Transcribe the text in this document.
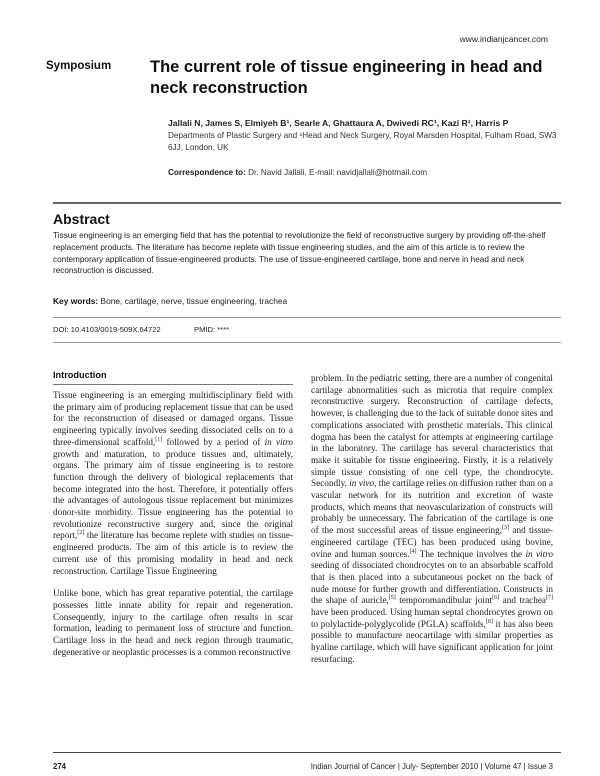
www.indianjcancer.com
Symposium The current role of tissue engineering in head and neck reconstruction
Jallali N, James S, Elmiyeh B¹, Searle A, Ghattaura A, Dwivedi RC¹, Kazi R¹, Harris P
Departments of Plastic Surgery and ¹Head and Neck Surgery, Royal Marsden Hospital, Fulham Road, SW3 6JJ, London, UK
Correspondence to: Dr. Navid Jallali, E-mail: navidjallali@hotmail.com
Abstract

Tissue engineering is an emerging field that has the potential to revolutionize the field of reconstructive surgery by providing off-the-shelf replacement products. The literature has become replete with tissue engineering studies, and the aim of this article is to review the contemporary application of tissue-engineered products. The use of tissue-engineered cartilage, bone and nerve in head and neck reconstruction is discussed.

Key words: Bone, cartilage, nerve, tissue engineering, trachea
DOI: 10.4103/0019-509X.64722	PMID: ****
Introduction

Tissue engineering is an emerging multidisciplinary field with the primary aim of producing replacement tissue that can be used for the reconstruction of diseased or damaged organs. Tissue engineering typically involves seeding dissociated cells on to a three-dimensional scaffold,[1] followed by a period of in vitro growth and maturation, to produce tissues and, ultimately, organs. The primary aim of tissue engineering is to restore function through the delivery of biological replacements that become integrated into the host. Therefore, it potentially offers the advantages of autologous tissue replacement but minimizes donor-site morbidity. Tissue engineering has the potential to revolutionize reconstructive surgery and, since the original report,[2] the literature has become replete with studies on tissue-engineered products. The aim of this article is to review the current use of this promising modality in head and neck reconstruction. Cartilage Tissue Engineering

Unlike bone, which has great reparative potential, the cartilage possesses little innate ability for repair and regeneration. Consequently, injury to the cartilage often results in scar formation, leading to permanent loss of structure and function. Cartilage loss in the head and neck region through traumatic, degenerative or neoplastic processes is a common reconstructive

problem. In the pediatric setting, there are a number of congenital cartilage abnormalities such as microtia that require complex reconstructive surgery. Reconstruction of cartilage defects, however, is challenging due to the lack of suitable donor sites and complications associated with prosthetic materials. This clinical dogma has been the catalyst for attempts at engineering cartilage in the laboratory. The cartilage has several characteristics that make it suitable for tissue engineering. Firstly, it is a relatively simple tissue consisting of one cell type, the chondrocyte. Secondly, in vivo, the cartilage relies on diffusion rather than on a vascular network for its nutrition and excretion of waste products, which means that neovascularization of constructs will probably be unnecessary. The fabrication of the cartilage is one of the most successful areas of tissue engineering,[3] and tissue-engineered cartilage (TEC) has been produced using bovine, ovine and human sources.[4] The technique involves the in vitro seeding of dissociated chondrocytes on to an absorbable scaffold that is then placed into a subcutaneous pocket on the back of nude mouse for further growth and differentiation. Constructs in the shape of auricle,[5] temporomandibular joint[6] and trachea[7] have been produced. Using human septal chondrocytes grown on to polylactide-polyglycolide (PGLA) scaffolds,[8] it has also been possible to manufacture neocartilage with similar properties as hyaline cartilage, which will have significant application for joint resurfacing.

274	Indian Journal of Cancer | July- September 2010 | Volume 47 | Issue 3
